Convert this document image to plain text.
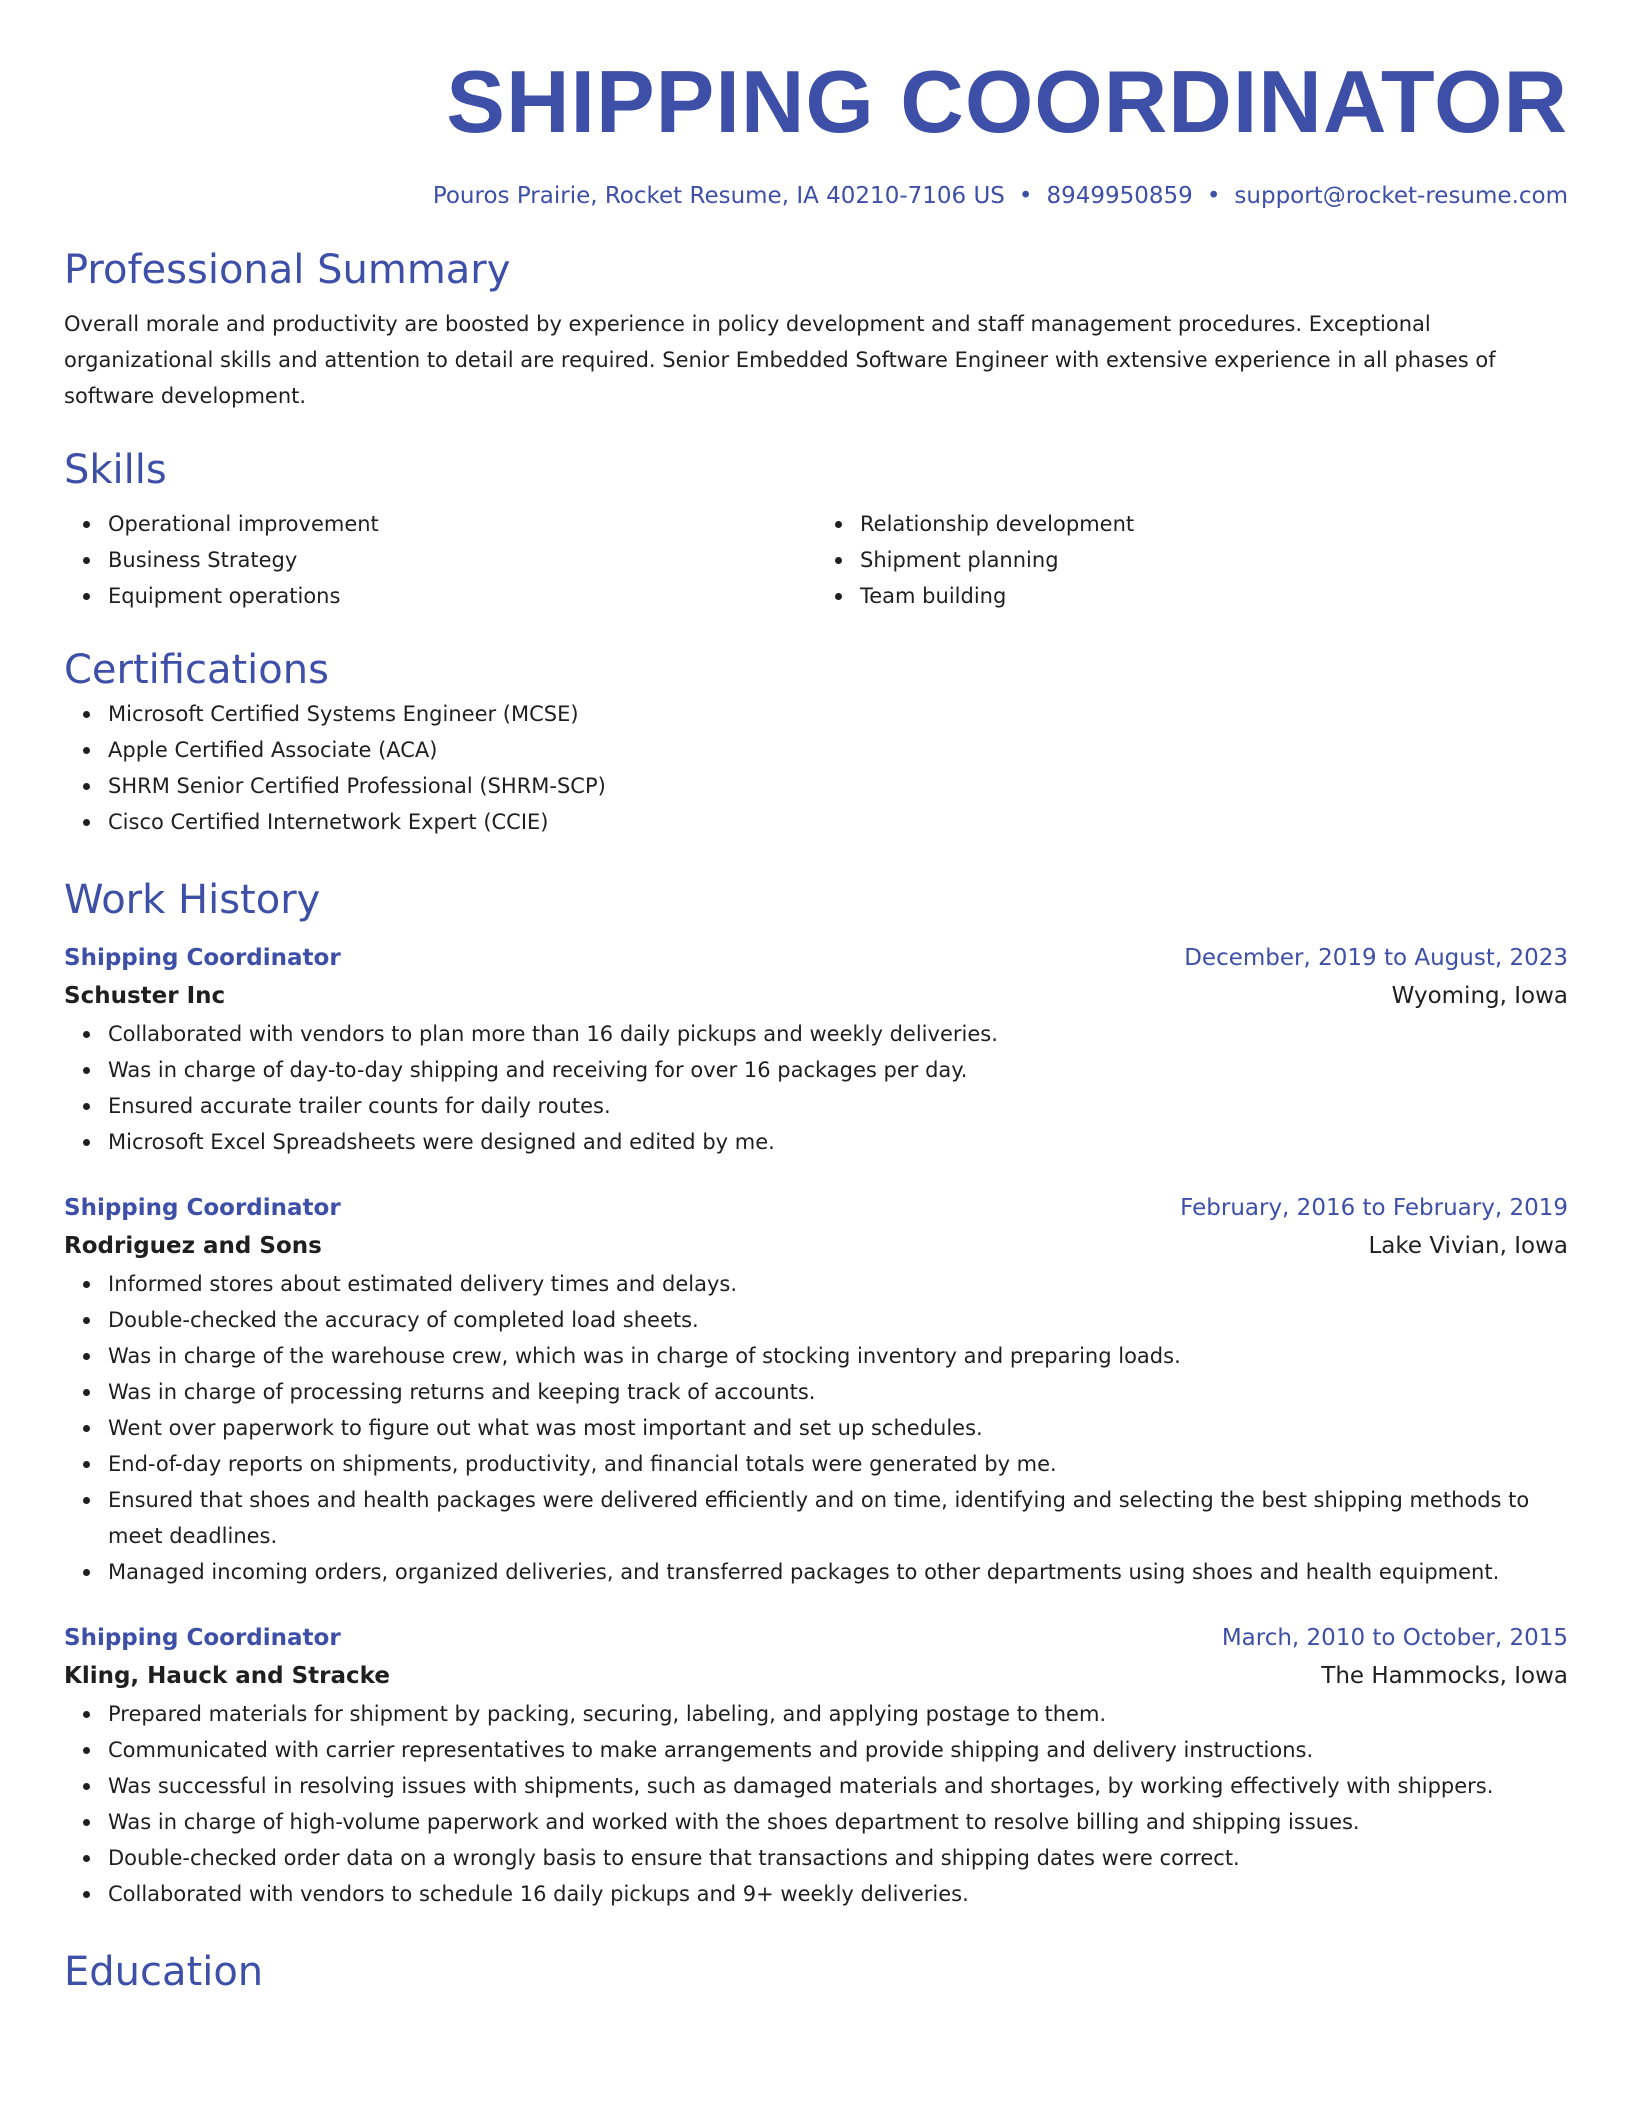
SHIPPING COORDINATOR
Pouros Prairie, Rocket Resume, IA 40210-7106 US • 8949950859 • support@rocket-resume.com
Professional Summary
Overall morale and productivity are boosted by experience in policy development and staff management procedures. Exceptional organizational skills and attention to detail are required. Senior Embedded Software Engineer with extensive experience in all phases of software development.
Skills
Operational improvement
Business Strategy
Equipment operations
Relationship development
Shipment planning
Team building
Certifications
Microsoft Certified Systems Engineer (MCSE)
Apple Certified Associate (ACA)
SHRM Senior Certified Professional (SHRM-SCP)
Cisco Certified Internetwork Expert (CCIE)
Work History
Shipping Coordinator	December, 2019 to August, 2023
Schuster Inc	Wyoming, Iowa
Collaborated with vendors to plan more than 16 daily pickups and weekly deliveries.
Was in charge of day-to-day shipping and receiving for over 16 packages per day.
Ensured accurate trailer counts for daily routes.
Microsoft Excel Spreadsheets were designed and edited by me.
Shipping Coordinator	February, 2016 to February, 2019
Rodriguez and Sons	Lake Vivian, Iowa
Informed stores about estimated delivery times and delays.
Double-checked the accuracy of completed load sheets.
Was in charge of the warehouse crew, which was in charge of stocking inventory and preparing loads.
Was in charge of processing returns and keeping track of accounts.
Went over paperwork to figure out what was most important and set up schedules.
End-of-day reports on shipments, productivity, and financial totals were generated by me.
Ensured that shoes and health packages were delivered efficiently and on time, identifying and selecting the best shipping methods to meet deadlines.
Managed incoming orders, organized deliveries, and transferred packages to other departments using shoes and health equipment.
Shipping Coordinator	March, 2010 to October, 2015
Kling, Hauck and Stracke	The Hammocks, Iowa
Prepared materials for shipment by packing, securing, labeling, and applying postage to them.
Communicated with carrier representatives to make arrangements and provide shipping and delivery instructions.
Was successful in resolving issues with shipments, such as damaged materials and shortages, by working effectively with shippers.
Was in charge of high-volume paperwork and worked with the shoes department to resolve billing and shipping issues.
Double-checked order data on a wrongly basis to ensure that transactions and shipping dates were correct.
Collaborated with vendors to schedule 16 daily pickups and 9+ weekly deliveries.
Education
